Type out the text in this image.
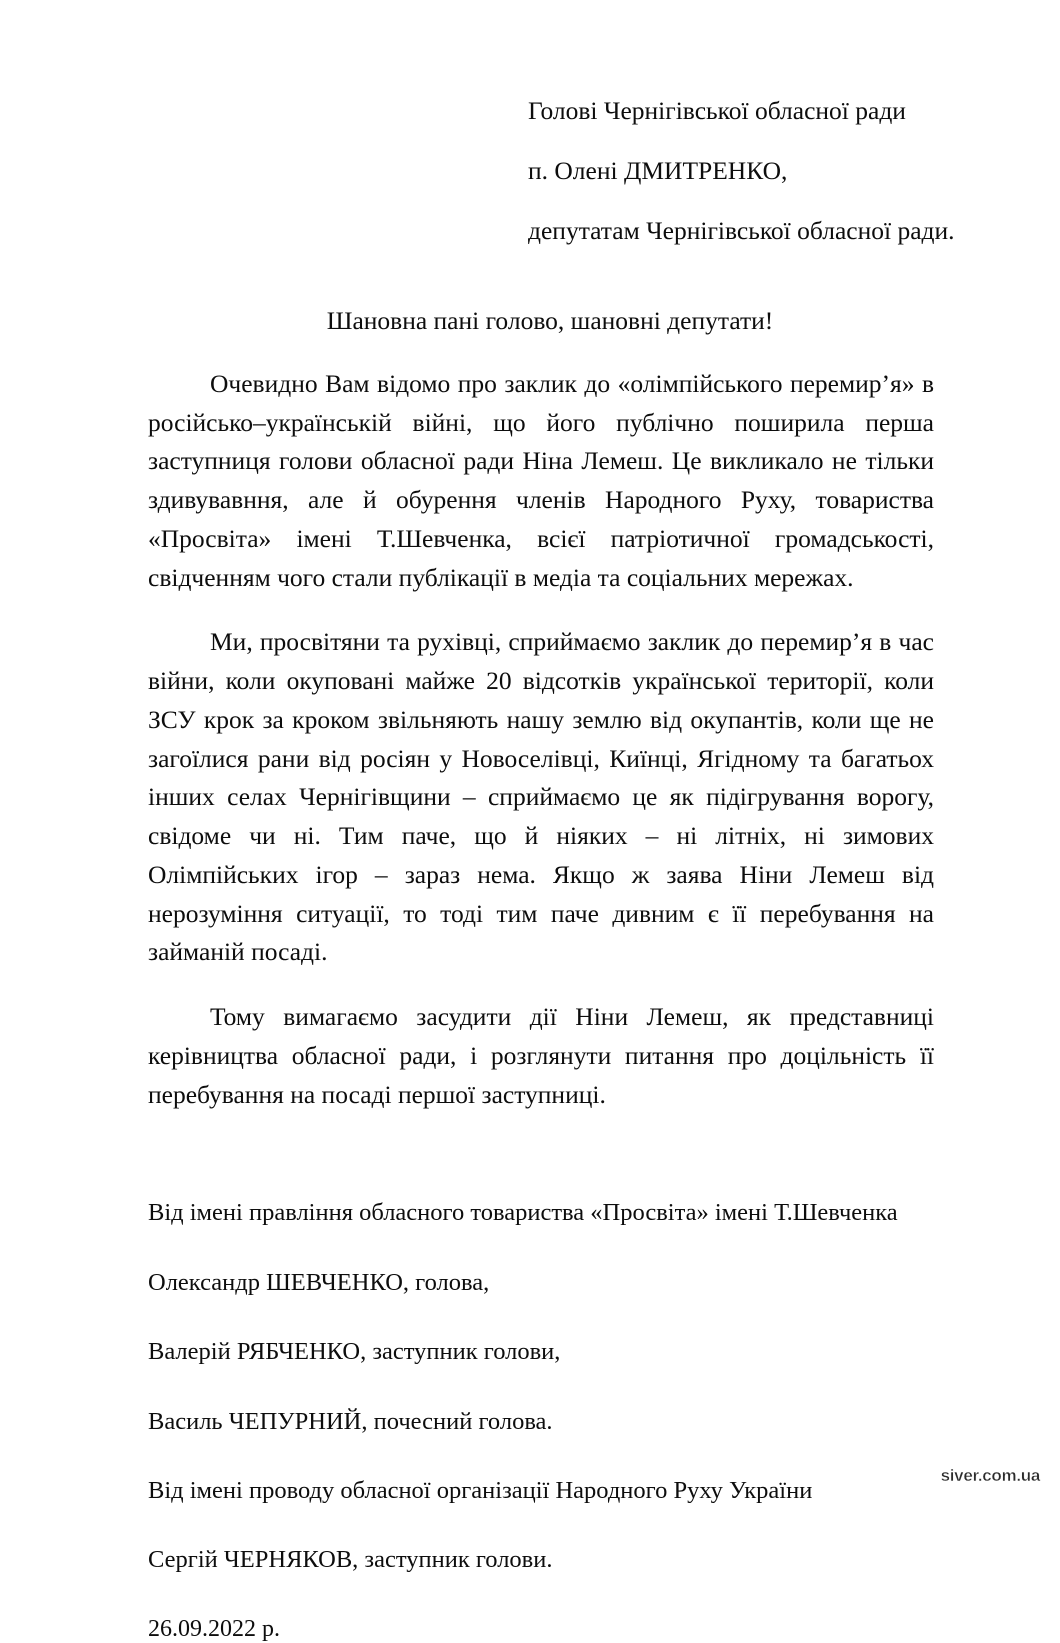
Голові Чернігівської обласної ради

п. Олені ДМИТРЕНКО,

депутатам Чернігівської обласної ради.

Шановна пані голово, шановні депутати!

Очевидно Вам відомо про заклик до «олімпійського перемир’я» в російсько–українській війні, що його публічно поширила перша заступниця голови обласної ради Ніна Лемеш. Це викликало не тільки здивувавння, але й обурення членів Народного Руху, товариства «Просвіта» імені Т.Шевченка, всієї патріотичної громадськості, свідченням чого стали публікації в медіа та соціальних мережах.

Ми, просвітяни та рухівці, сприймаємо заклик до перемир’я в час війни, коли окуповані майже 20 відсотків української території, коли ЗСУ крок за кроком звільняють нашу землю від окупантів, коли ще не загоїлися рани від росіян у Новоселівці, Киїнці, Ягідному та багатьох інших селах Чернігівщини – сприймаємо це як підігрування ворогу, свідоме чи ні. Тим паче, що й ніяких – ні літніх, ні зимових Олімпійських ігор – зараз нема. Якщо ж заява Ніни Лемеш від нерозуміння ситуації, то тоді тим паче дивним є її перебування на займаній посаді.

Тому вимагаємо засудити дії Ніни Лемеш, як представниці керівництва обласної ради, і розглянути питання про доцільність її перебування на посаді першої заступниці.

Від імені правління обласного товариства «Просвіта» імені Т.Шевченка

Олександр ШЕВЧЕНКО, голова,

Валерій РЯБЧЕНКО, заступник голови,

Василь ЧЕПУРНИЙ, почесний голова.

Від імені проводу обласної організації Народного Руху України

Сергій ЧЕРНЯКОВ, заступник голови.

26.09.2022 р.

siver.com.ua
